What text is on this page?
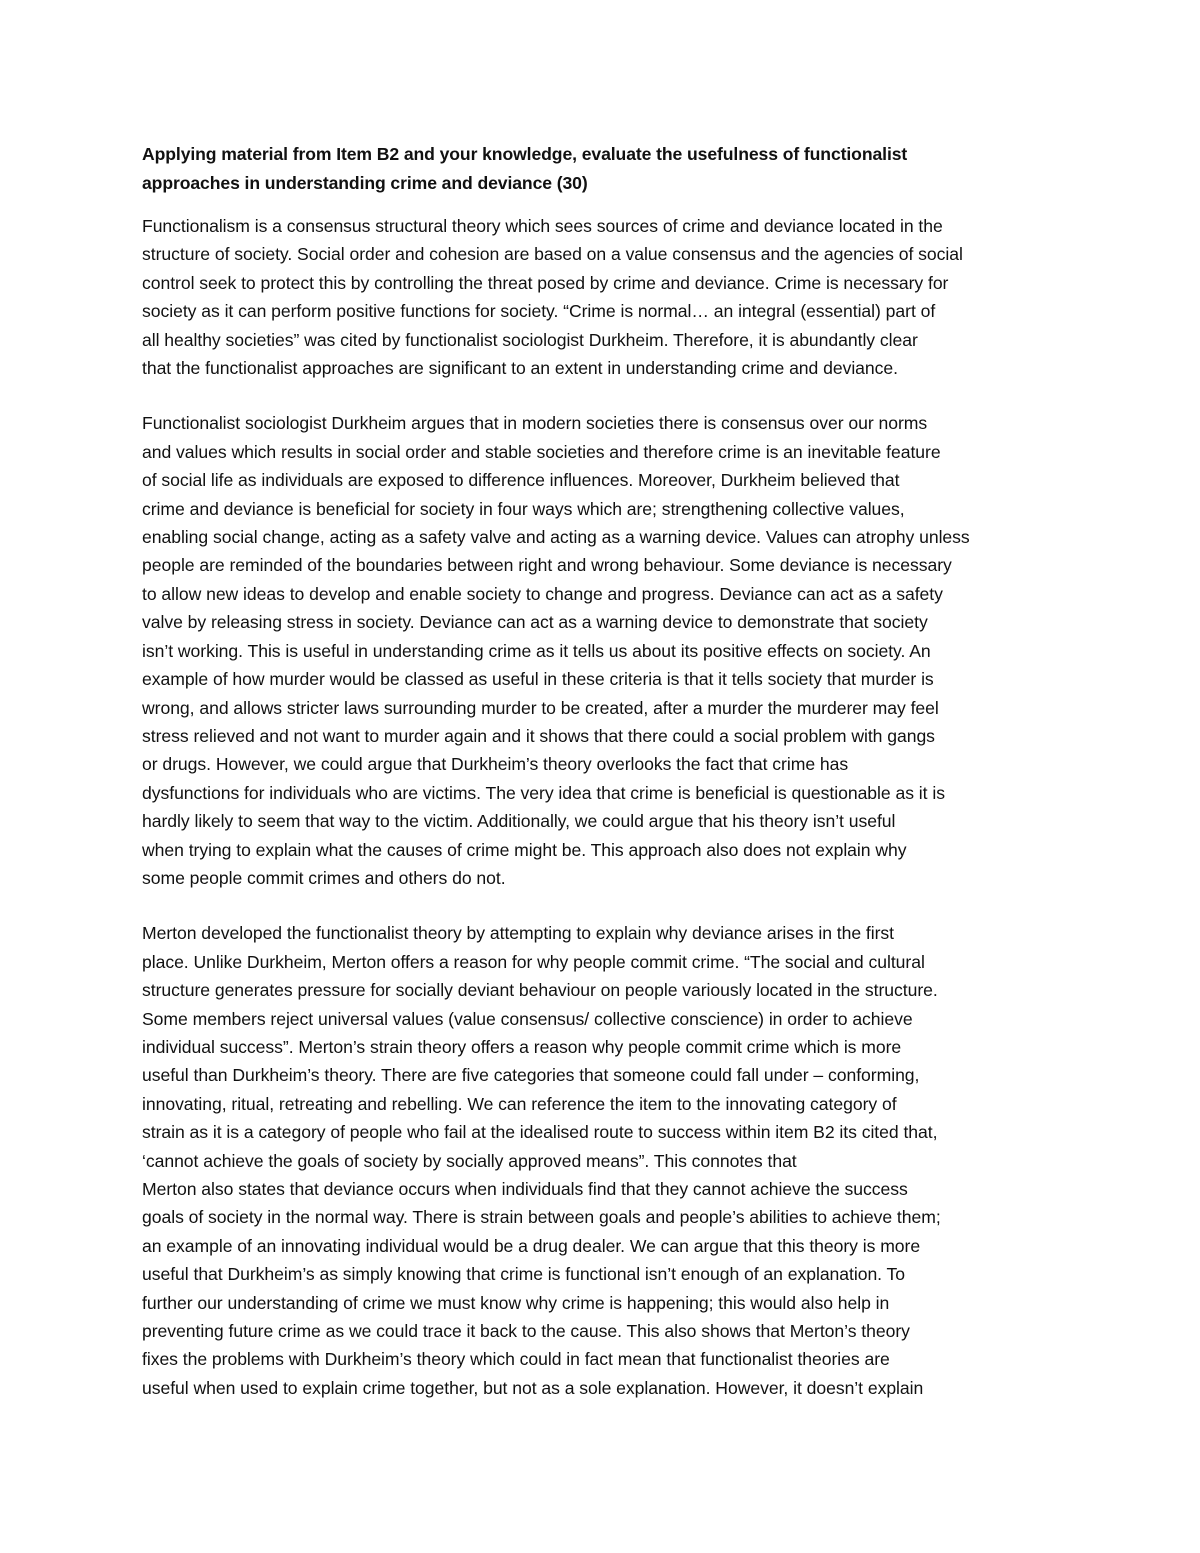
Applying material from Item B2 and your knowledge, evaluate the usefulness of functionalist
approaches in understanding crime and deviance (30)

Functionalism is a consensus structural theory which sees sources of crime and deviance located in the
structure of society. Social order and cohesion are based on a value consensus and the agencies of social
control seek to protect this by controlling the threat posed by crime and deviance. Crime is necessary for
society as it can perform positive functions for society. “Crime is normal… an integral (essential) part of
all healthy societies” was cited by functionalist sociologist Durkheim. Therefore, it is abundantly clear
that the functionalist approaches are significant to an extent in understanding crime and deviance.

Functionalist sociologist Durkheim argues that in modern societies there is consensus over our norms
and values which results in social order and stable societies and therefore crime is an inevitable feature
of social life as individuals are exposed to difference influences. Moreover, Durkheim believed that
crime and deviance is beneficial for society in four ways which are; strengthening collective values,
enabling social change, acting as a safety valve and acting as a warning device. Values can atrophy unless
people are reminded of the boundaries between right and wrong behaviour. Some deviance is necessary
to allow new ideas to develop and enable society to change and progress. Deviance can act as a safety
valve by releasing stress in society. Deviance can act as a warning device to demonstrate that society
isn’t working. This is useful in understanding crime as it tells us about its positive effects on society. An
example of how murder would be classed as useful in these criteria is that it tells society that murder is
wrong, and allows stricter laws surrounding murder to be created, after a murder the murderer may feel
stress relieved and not want to murder again and it shows that there could a social problem with gangs
or drugs. However, we could argue that Durkheim’s theory overlooks the fact that crime has
dysfunctions for individuals who are victims. The very idea that crime is beneficial is questionable as it is
hardly likely to seem that way to the victim. Additionally, we could argue that his theory isn’t useful
when trying to explain what the causes of crime might be. This approach also does not explain why
some people commit crimes and others do not.

Merton developed the functionalist theory by attempting to explain why deviance arises in the first
place. Unlike Durkheim, Merton offers a reason for why people commit crime. “The social and cultural
structure generates pressure for socially deviant behaviour on people variously located in the structure.
Some members reject universal values (value consensus/ collective conscience) in order to achieve
individual success”. Merton’s strain theory offers a reason why people commit crime which is more
useful than Durkheim’s theory. There are five categories that someone could fall under – conforming,
innovating, ritual, retreating and rebelling. We can reference the item to the innovating category of
strain as it is a category of people who fail at the idealised route to success within item B2 its cited that,
‘cannot achieve the goals of society by socially approved means”. This connotes that
Merton also states that deviance occurs when individuals find that they cannot achieve the success
goals of society in the normal way. There is strain between goals and people’s abilities to achieve them;
an example of an innovating individual would be a drug dealer. We can argue that this theory is more
useful that Durkheim’s as simply knowing that crime is functional isn’t enough of an explanation. To
further our understanding of crime we must know why crime is happening; this would also help in
preventing future crime as we could trace it back to the cause. This also shows that Merton’s theory
fixes the problems with Durkheim’s theory which could in fact mean that functionalist theories are
useful when used to explain crime together, but not as a sole explanation. However, it doesn’t explain
